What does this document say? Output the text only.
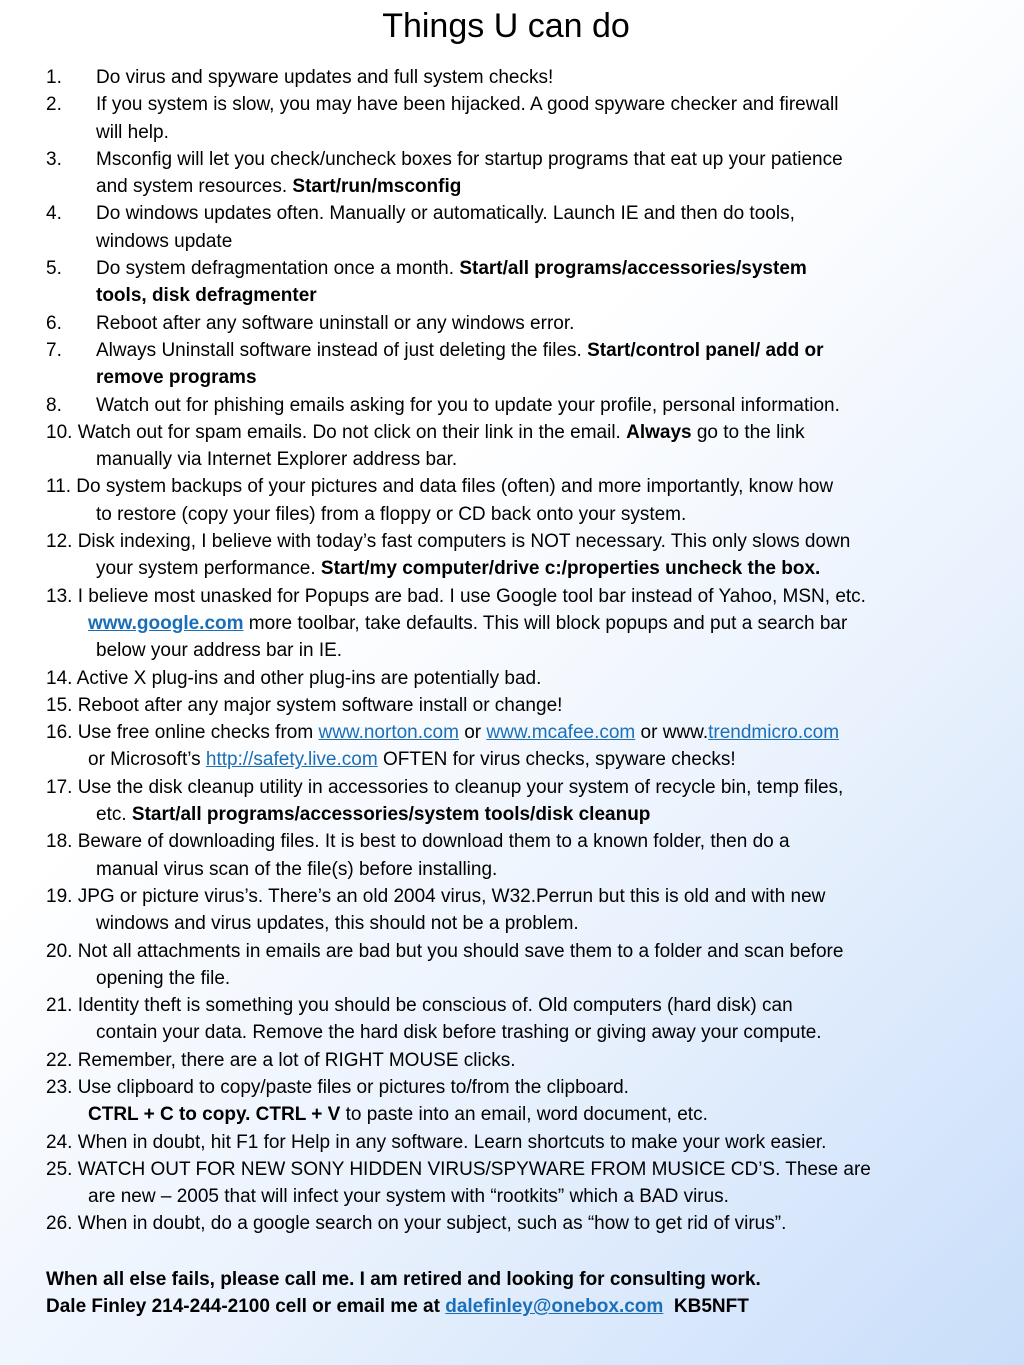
Things U can do
1. Do virus and spyware updates and full system checks!
2. If you system is slow, you may have been hijacked. A good spyware checker and firewall
will help.
3. Msconfig will let you check/uncheck boxes for startup programs that eat up your patience
and system resources. Start/run/msconfig
4. Do windows updates often. Manually or automatically. Launch IE and then do tools,
windows update
5. Do system defragmentation once a month. Start/all programs/accessories/system
tools, disk defragmenter
6. Reboot after any software uninstall or any windows error.
7. Always Uninstall software instead of just deleting the files. Start/control panel/ add or
remove programs
8. Watch out for phishing emails asking for you to update your profile, personal information.
10. Watch out for spam emails. Do not click on their link in the email. Always go to the link
manually via Internet Explorer address bar.
11. Do system backups of your pictures and data files (often) and more importantly, know how
to restore (copy your files) from a floppy or CD back onto your system.
12. Disk indexing, I believe with today’s fast computers is NOT necessary. This only slows down
your system performance. Start/my computer/drive c:/properties uncheck the box.
13. I believe most unasked for Popups are bad. I use Google tool bar instead of Yahoo, MSN, etc.
www.google.com more toolbar, take defaults. This will block popups and put a search bar
below your address bar in IE.
14. Active X plug-ins and other plug-ins are potentially bad.
15. Reboot after any major system software install or change!
16. Use free online checks from www.norton.com or www.mcafee.com or www.trendmicro.com
or Microsoft’s http://safety.live.com OFTEN for virus checks, spyware checks!
17. Use the disk cleanup utility in accessories to cleanup your system of recycle bin, temp files,
etc. Start/all programs/accessories/system tools/disk cleanup
18. Beware of downloading files. It is best to download them to a known folder, then do a
manual virus scan of the file(s) before installing.
19. JPG or picture virus’s. There’s an old 2004 virus, W32.Perrun but this is old and with new
windows and virus updates, this should not be a problem.
20. Not all attachments in emails are bad but you should save them to a folder and scan before
opening the file.
21. Identity theft is something you should be conscious of. Old computers (hard disk) can
contain your data. Remove the hard disk before trashing or giving away your compute.
22. Remember, there are a lot of RIGHT MOUSE clicks.
23. Use clipboard to copy/paste files or pictures to/from the clipboard.
CTRL + C to copy. CTRL + V to paste into an email, word document, etc.
24. When in doubt, hit F1 for Help in any software. Learn shortcuts to make your work easier.
25. WATCH OUT FOR NEW SONY HIDDEN VIRUS/SPYWARE FROM MUSICE CD’S. These are
are new – 2005 that will infect your system with “rootkits” which a BAD virus.
26. When in doubt, do a google search on your subject, such as “how to get rid of virus”.
When all else fails, please call me. I am retired and looking for consulting work.
Dale Finley 214-244-2100 cell or email me at dalefinley@onebox.com  KB5NFT
